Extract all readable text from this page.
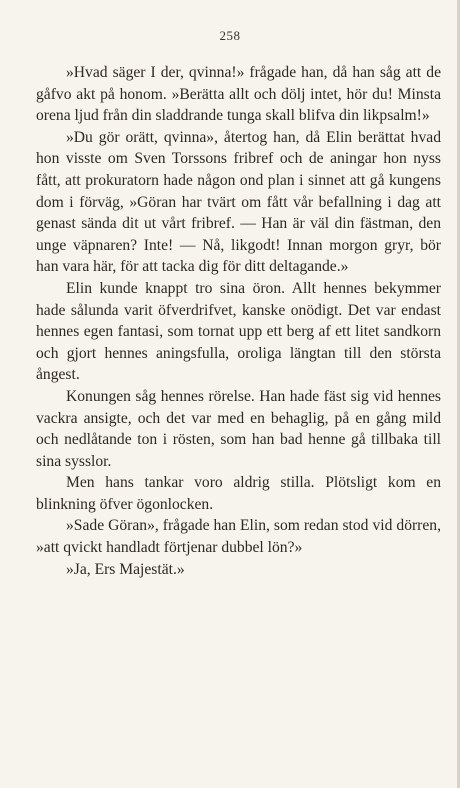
258

»Hvad säger I der, qvinna!» frågade han, då han såg att de gåfvo akt på honom. »Berätta allt och dölj intet, hör du! Minsta orena ljud från din sladdrande tunga skall blifva din likpsalm!»

»Du gör orätt, qvinna», återtog han, då Elin berättat hvad hon visste om Sven Torssons fribref och de aningar hon nyss fått, att prokuratorn hade någon ond plan i sinnet att gå kungens dom i förväg, »Göran har tvärt om fått vår befallning i dag att genast sända dit ut vårt fribref. — Han är väl din fästman, den unge väpnaren? Inte! — Nå, likgodt! Innan morgon gryr, bör han vara här, för att tacka dig för ditt deltagande.»

Elin kunde knappt tro sina öron. Allt hennes bekymmer hade sålunda varit öfverdrifvet, kanske onödigt. Det var endast hennes egen fantasi, som tornat upp ett berg af ett litet sandkorn och gjort hennes aningsfulla, oroliga längtan till den största ångest.

Konungen såg hennes rörelse. Han hade fäst sig vid hennes vackra ansigte, och det var med en behaglig, på en gång mild och nedlåtande ton i rösten, som han bad henne gå tillbaka till sina sysslor.

Men hans tankar voro aldrig stilla. Plötsligt kom en blinkning öfver ögonlocken.

»Sade Göran», frågade han Elin, som redan stod vid dörren, »att qvickt handladt förtjenar dubbel lön?»

»Ja, Ers Majestät.»
